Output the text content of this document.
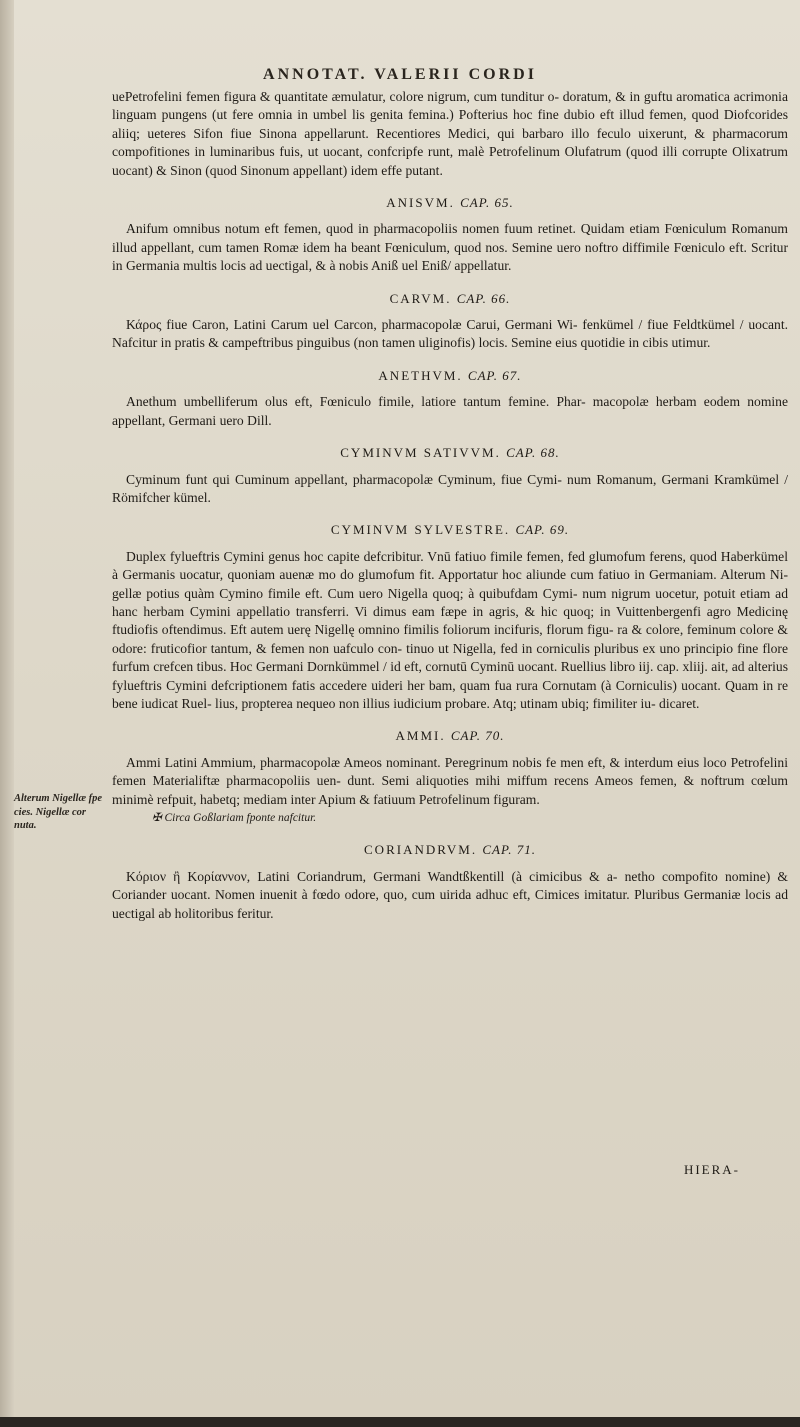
ANNOTAT. VALERII CORDI
Alterum Nigellæ fpe cies. Nigellæ cor nuta.

uePetrofelini femen figura & quantitate æmulatur, colore nigrum, cum tunditur o- doratum, & in guftu aromatica acrimonia linguam pungens (ut fere omnia in umbel lis genita femina.) Pofterius hoc fine dubio eft illud femen, quod Diofcorides aliiq; ueteres Sifon fiue Sinona appellarunt. Recentiores Medici, qui barbaro illo feculo uixerunt, & pharmacorum compofitiones in luminaribus fuis, ut uocant, confcripfe runt, malè Petrofelinum Olufatrum (quod illi corrupte Olixatrum uocant) & Sinon (quod Sinonum appellant) idem effe putant.

ANISVM. CAP. 65.

Anifum omnibus notum eft femen, quod in pharmacopoliis nomen fuum retinet. Quidam etiam Fœniculum Romanum illud appellant, cum tamen Romæ idem ha beant Fœniculum, quod nos. Semine uero noftro diffimile Fœniculo eft. Scritur in Germania multis locis ad uectigal, & à nobis Aniß uel Eniß/ appellatur.

CARVM. CAP. 66.

Κάρος fiue Caron, Latini Carum uel Carcon, pharmacopolæ Carui, Germani Wi- fenkümel / fiue Feldtkümel / uocant. Nafcitur in pratis & campeftribus pinguibus (non tamen uliginofis) locis. Semine eius quotidie in cibis utimur.

ANETHVM. CAP. 67.

Anethum umbelliferum olus eft, Fœniculo fimile, latiore tantum femine. Phar- macopolæ herbam eodem nomine appellant, Germani uero Dill.

CYMINVM SATIVVM. CAP. 68.

Cyminum funt qui Cuminum appellant, pharmacopolæ Cyminum, fiue Cymi- num Romanum, Germani Kramkümel / Römifcher kümel.

CYMINVM SYLVESTRE. CAP. 69.

Duplex fylueftris Cymini genus hoc capite defcribitur. Vnū fatiuo fimile femen, fed glumofum ferens, quod Haberkümel à Germanis uocatur, quoniam auenæ mo do glumofum fit. Apportatur hoc aliunde cum fatiuo in Germaniam. Alterum Ni- gellæ potius quàm Cymino fimile eft. Cum uero Nigella quoq; à quibufdam Cymi- num nigrum uocetur, potuit etiam ad hanc herbam Cymini appellatio transferri. Vi dimus eam fæpe in agris, & hic quoq; in Vuittenbergenfi agro Medicinę ftudiofis oftendimus. Eft autem uerę Nigellę omnino fimilis foliorum incifuris, florum figu- ra & colore, feminum colore & odore: fruticofior tantum, & femen non uafculo con- tinuo ut Nigella, fed in corniculis pluribus ex uno principio fine flore furfum crefcen tibus. Hoc Germani Dornkümmel / id eft, cornutū Cyminū uocant. Ruellius libro iij. cap. xliij. ait, ad alterius fylueftris Cymini defcriptionem fatis accedere uideri her bam, quam fua rura Cornutam (à Corniculis) uocant. Quam in re bene iudicat Ruel- lius, propterea nequeo non illius iudicium probare. Atq; utinam ubiq; fimiliter iu- dicaret.

AMMI. CAP. 70.

Ammi Latini Ammium, pharmacopolæ Ameos nominant. Peregrinum nobis fe men eft, & interdum eius loco Petrofelini femen Materialiftæ pharmacopoliis uen- dunt. Semi aliquoties mihi miffum recens Ameos femen, & noftrum cœlum minimè refpuit, habetq; mediam inter Apium & fatiuum Petrofelinum figuram.

✠ Circa Goßlariam fponte nafcitur.

CORIANDRVM. CAP. 71.

Κόριον ἢ Κορίαννον, Latini Coriandrum, Germani Wandtßkentill (à cimicibus & a- netho compofito nomine) & Coriander uocant. Nomen inuenit à fœdo odore, quo, cum uirida adhuc eft, Cimices imitatur. Pluribus Germaniæ locis ad uectigal ab holitoribus feritur.

HIERA-
